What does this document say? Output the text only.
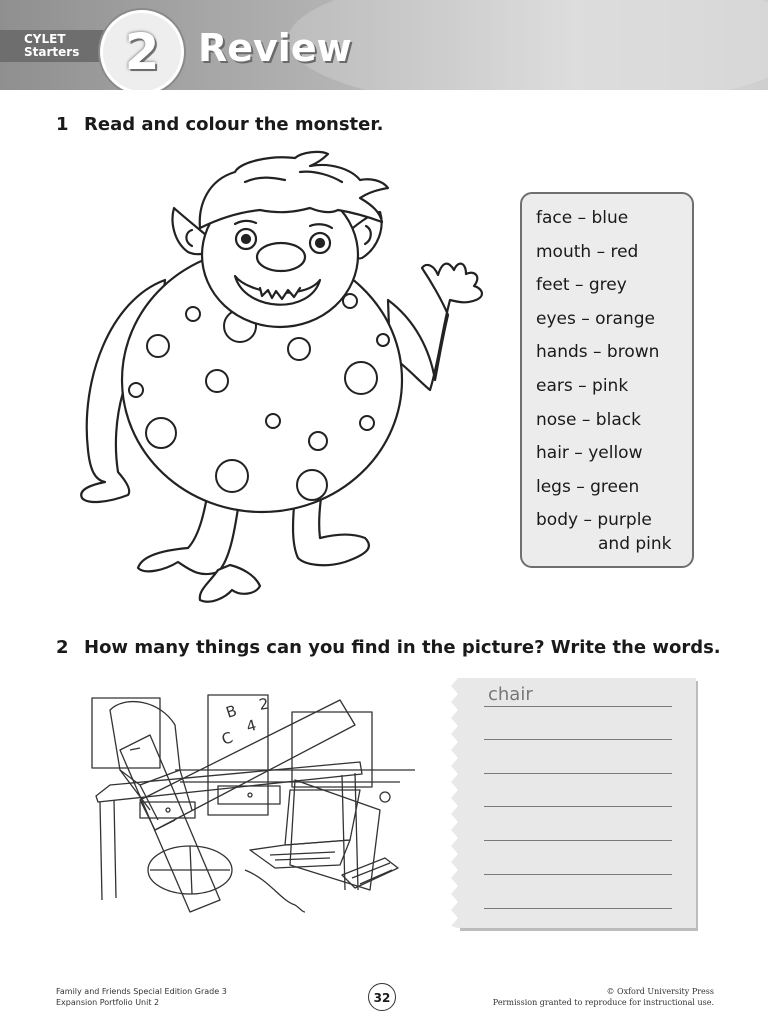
CYLET
Starters 2 Review
1 Read and colour the monster.
face – blue
mouth – red
feet – grey
eyes – orange
hands – brown
ears – pink
nose – black
hair – yellow
legs – green
body – purple
and pink
2 How many things can you find in the picture? Write the words.
B 2
C
4
chair
Family and Friends Special Edition Grade 3
Expansion Portfolio Unit 2	32	© Oxford University Press
Permission granted to reproduce for instructional use.
